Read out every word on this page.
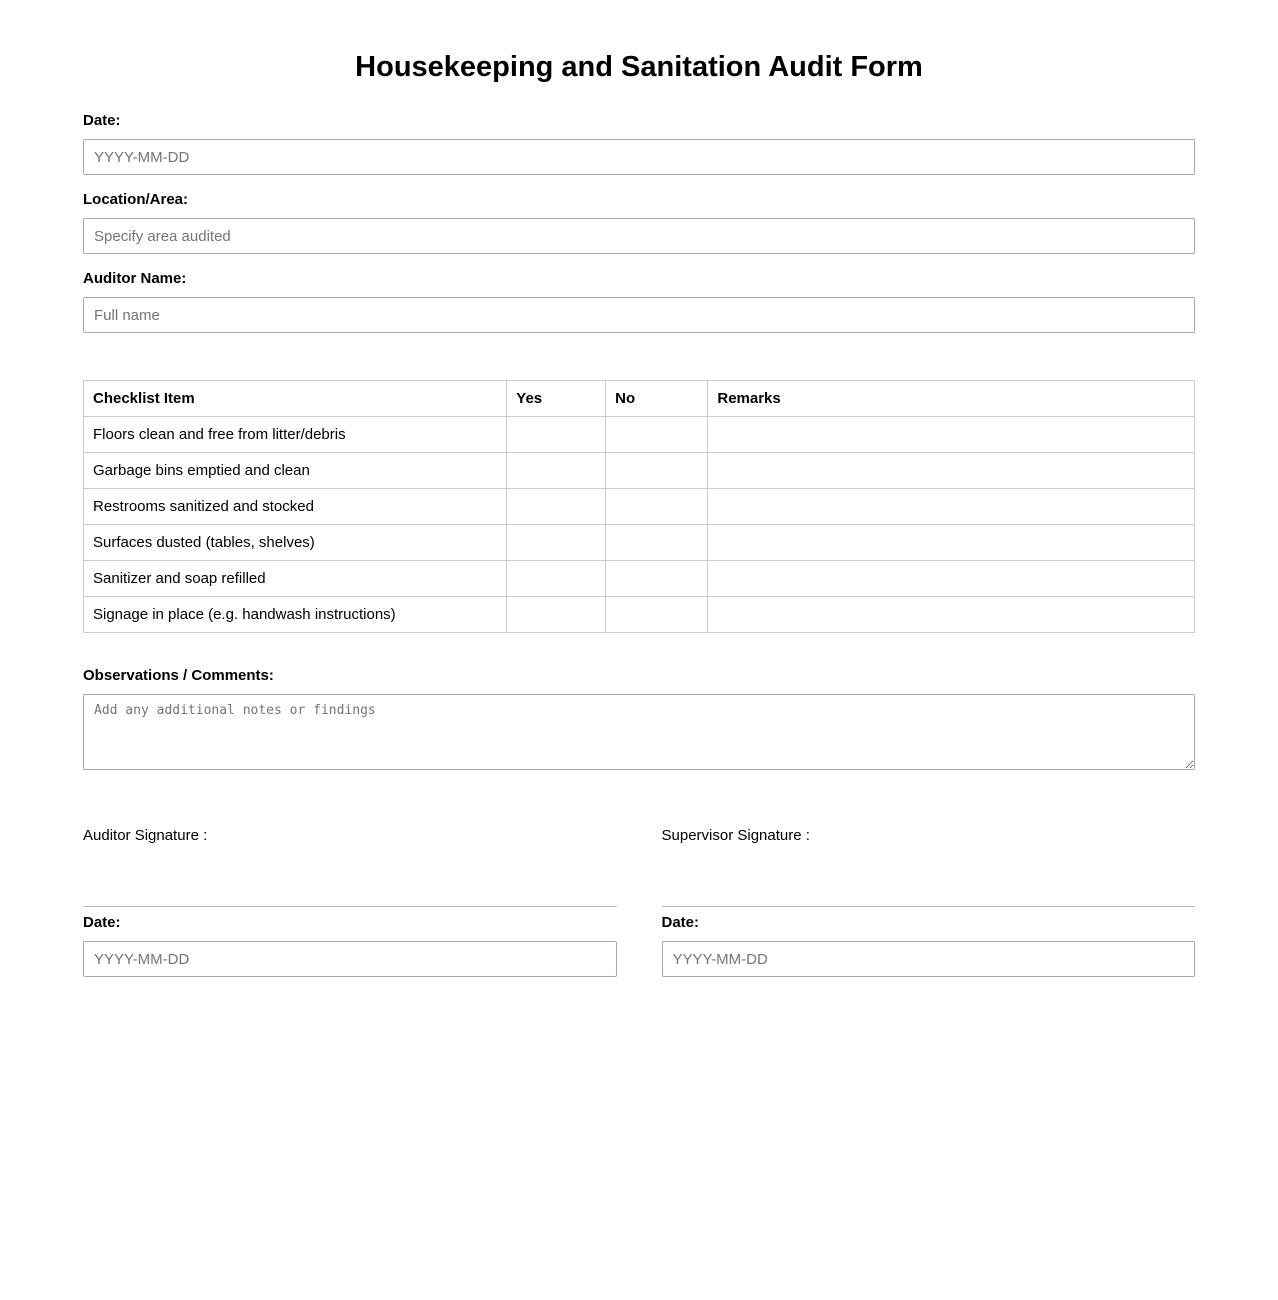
Housekeeping and Sanitation Audit Form
Date:
YYYY-MM-DD
Location/Area:
Specify area audited
Auditor Name:
Full name
Checklist Item	Yes	No	Remarks
Floors clean and free from litter/debris			
Garbage bins emptied and clean			
Restrooms sanitized and stocked			
Surfaces dusted (tables, shelves)			
Sanitizer and soap refilled			
Signage in place (e.g. handwash instructions)			
Observations / Comments:
Add any additional notes or findings

Auditor Signature :

Date:
YYYY-MM-DD

Supervisor Signature :

Date:
YYYY-MM-DD
